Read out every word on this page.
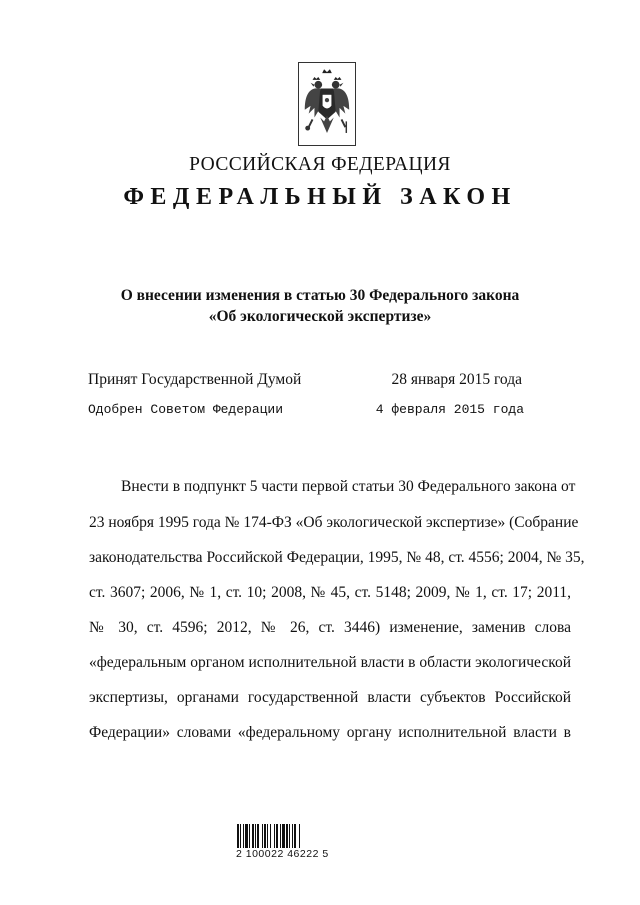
РОССИЙСКАЯ ФЕДЕРАЦИЯ
ФЕДЕРАЛЬНЫЙ ЗАКОН
О внесении изменения в статью 30 Федерального закона
«Об экологической экспертизе»
Принят Государственной Думой	28 января 2015 года
Одобрен Советом Федерации	4 февраля 2015 года
Внести в подпункт 5 части первой статьи 30 Федерального закона от
23 ноября 1995 года № 174-ФЗ «Об экологической экспертизе» (Собрание
законодательства Российской Федерации, 1995, № 48, ст. 4556; 2004, № 35,
ст. 3607; 2006, № 1, ст. 10; 2008, № 45, ст. 5148; 2009, № 1, ст. 17; 2011,
№ 30, ст. 4596; 2012, № 26, ст. 3446) изменение, заменив слова
«федеральным органом исполнительной власти в области экологической
экспертизы, органами государственной власти субъектов Российской
Федерации» словами «федеральному органу исполнительной власти в
2 100022 46222 5
